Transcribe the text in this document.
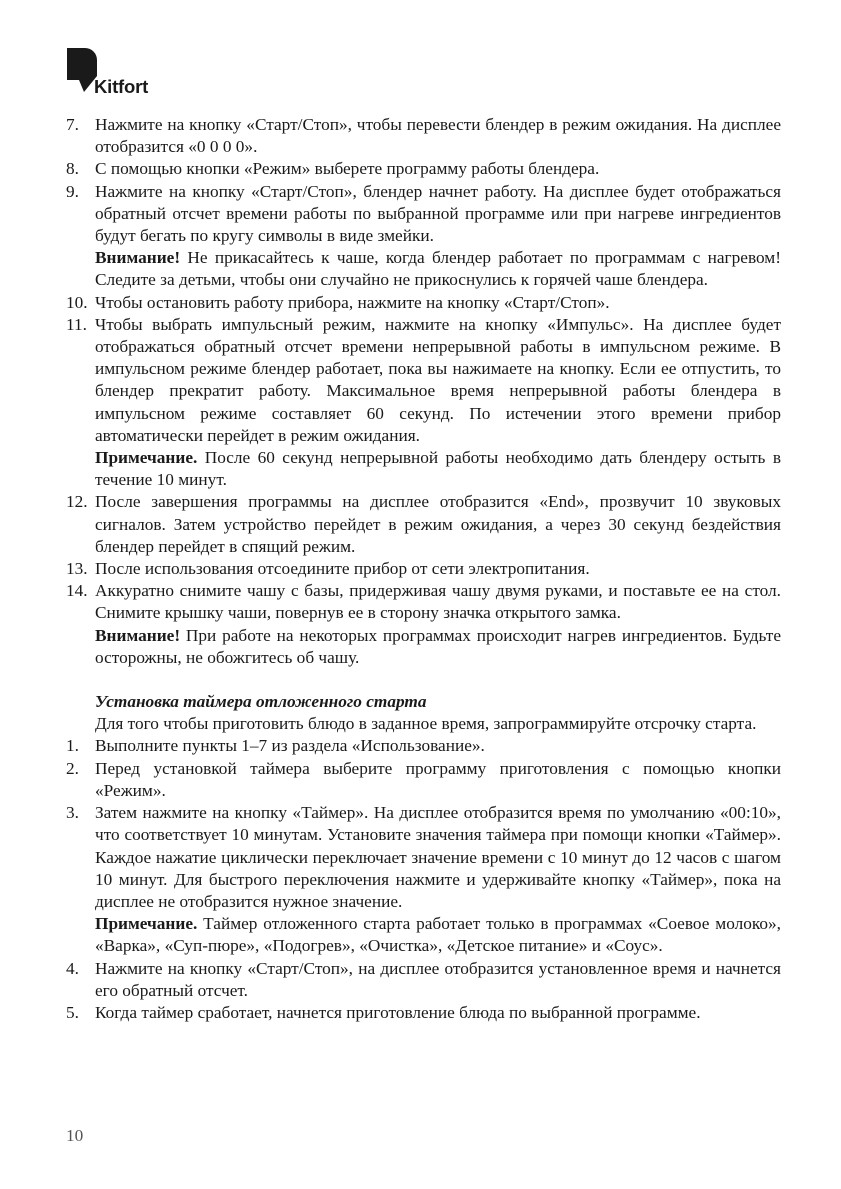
Kitfort
7. Нажмите на кнопку «Старт/Стоп», чтобы перевести блендер в режим ожидания. На дисплее отобразится «0 0 0 0».

8. С помощью кнопки «Режим» выберете программу работы блендера.

9. Нажмите на кнопку «Старт/Стоп», блендер начнет работу. На дисплее будет отображаться обратный отсчет времени работы по выбранной программе или при нагреве ингредиентов будут бегать по кругу символы в виде змейки.

Внимание! Не прикасайтесь к чаше, когда блендер работает по программам с нагревом! Следите за детьми, чтобы они случайно не прикоснулись к горячей чаше блендера.

10. Чтобы остановить работу прибора, нажмите на кнопку «Старт/Стоп».

11. Чтобы выбрать импульсный режим, нажмите на кнопку «Импульс». На дисплее будет отображаться обратный отсчет времени непрерывной работы в импульсном режиме. В импульсном режиме блендер работает, пока вы нажимаете на кнопку. Если ее отпустить, то блендер прекратит работу. Максимальное время непрерывной работы блендера в импульсном режиме составляет 60 секунд. По истечении этого времени прибор автоматически перейдет в режим ожидания.

Примечание. После 60 секунд непрерывной работы необходимо дать блендеру остыть в течение 10 минут.

12. После завершения программы на дисплее отобразится «End», прозвучит 10 звуковых сигналов. Затем устройство перейдет в режим ожидания, а через 30 секунд бездействия блендер перейдет в спящий режим.

13. После использования отсоедините прибор от сети электропитания.

14. Аккуратно снимите чашу с базы, придерживая чашу двумя руками, и поставьте ее на стол. Снимите крышку чаши, повернув ее в сторону значка открытого замка.

Внимание! При работе на некоторых программах происходит нагрев ингредиентов. Будьте осторожны, не обожгитесь об чашу.

Установка таймера отложенного старта

Для того чтобы приготовить блюдо в заданное время, запрограммируйте отсрочку старта.

1. Выполните пункты 1–7 из раздела «Использование».

2. Перед установкой таймера выберите программу приготовления с помощью кнопки «Режим».

3. Затем нажмите на кнопку «Таймер». На дисплее отобразится время по умолчанию «00:10», что соответствует 10 минутам. Установите значения таймера при помощи кнопки «Таймер». Каждое нажатие циклически переключает значение времени с 10 минут до 12 часов с шагом 10 минут. Для быстрого переключения нажмите и удерживайте кнопку «Таймер», пока на дисплее не отобразится нужное значение.

Примечание. Таймер отложенного старта работает только в программах «Соевое молоко», «Варка», «Суп-пюре», «Подогрев», «Очистка», «Детское питание» и «Соус».

4. Нажмите на кнопку «Старт/Стоп», на дисплее отобразится установленное время и начнется его обратный отсчет.

5. Когда таймер сработает, начнется приготовление блюда по выбранной программе.

10
